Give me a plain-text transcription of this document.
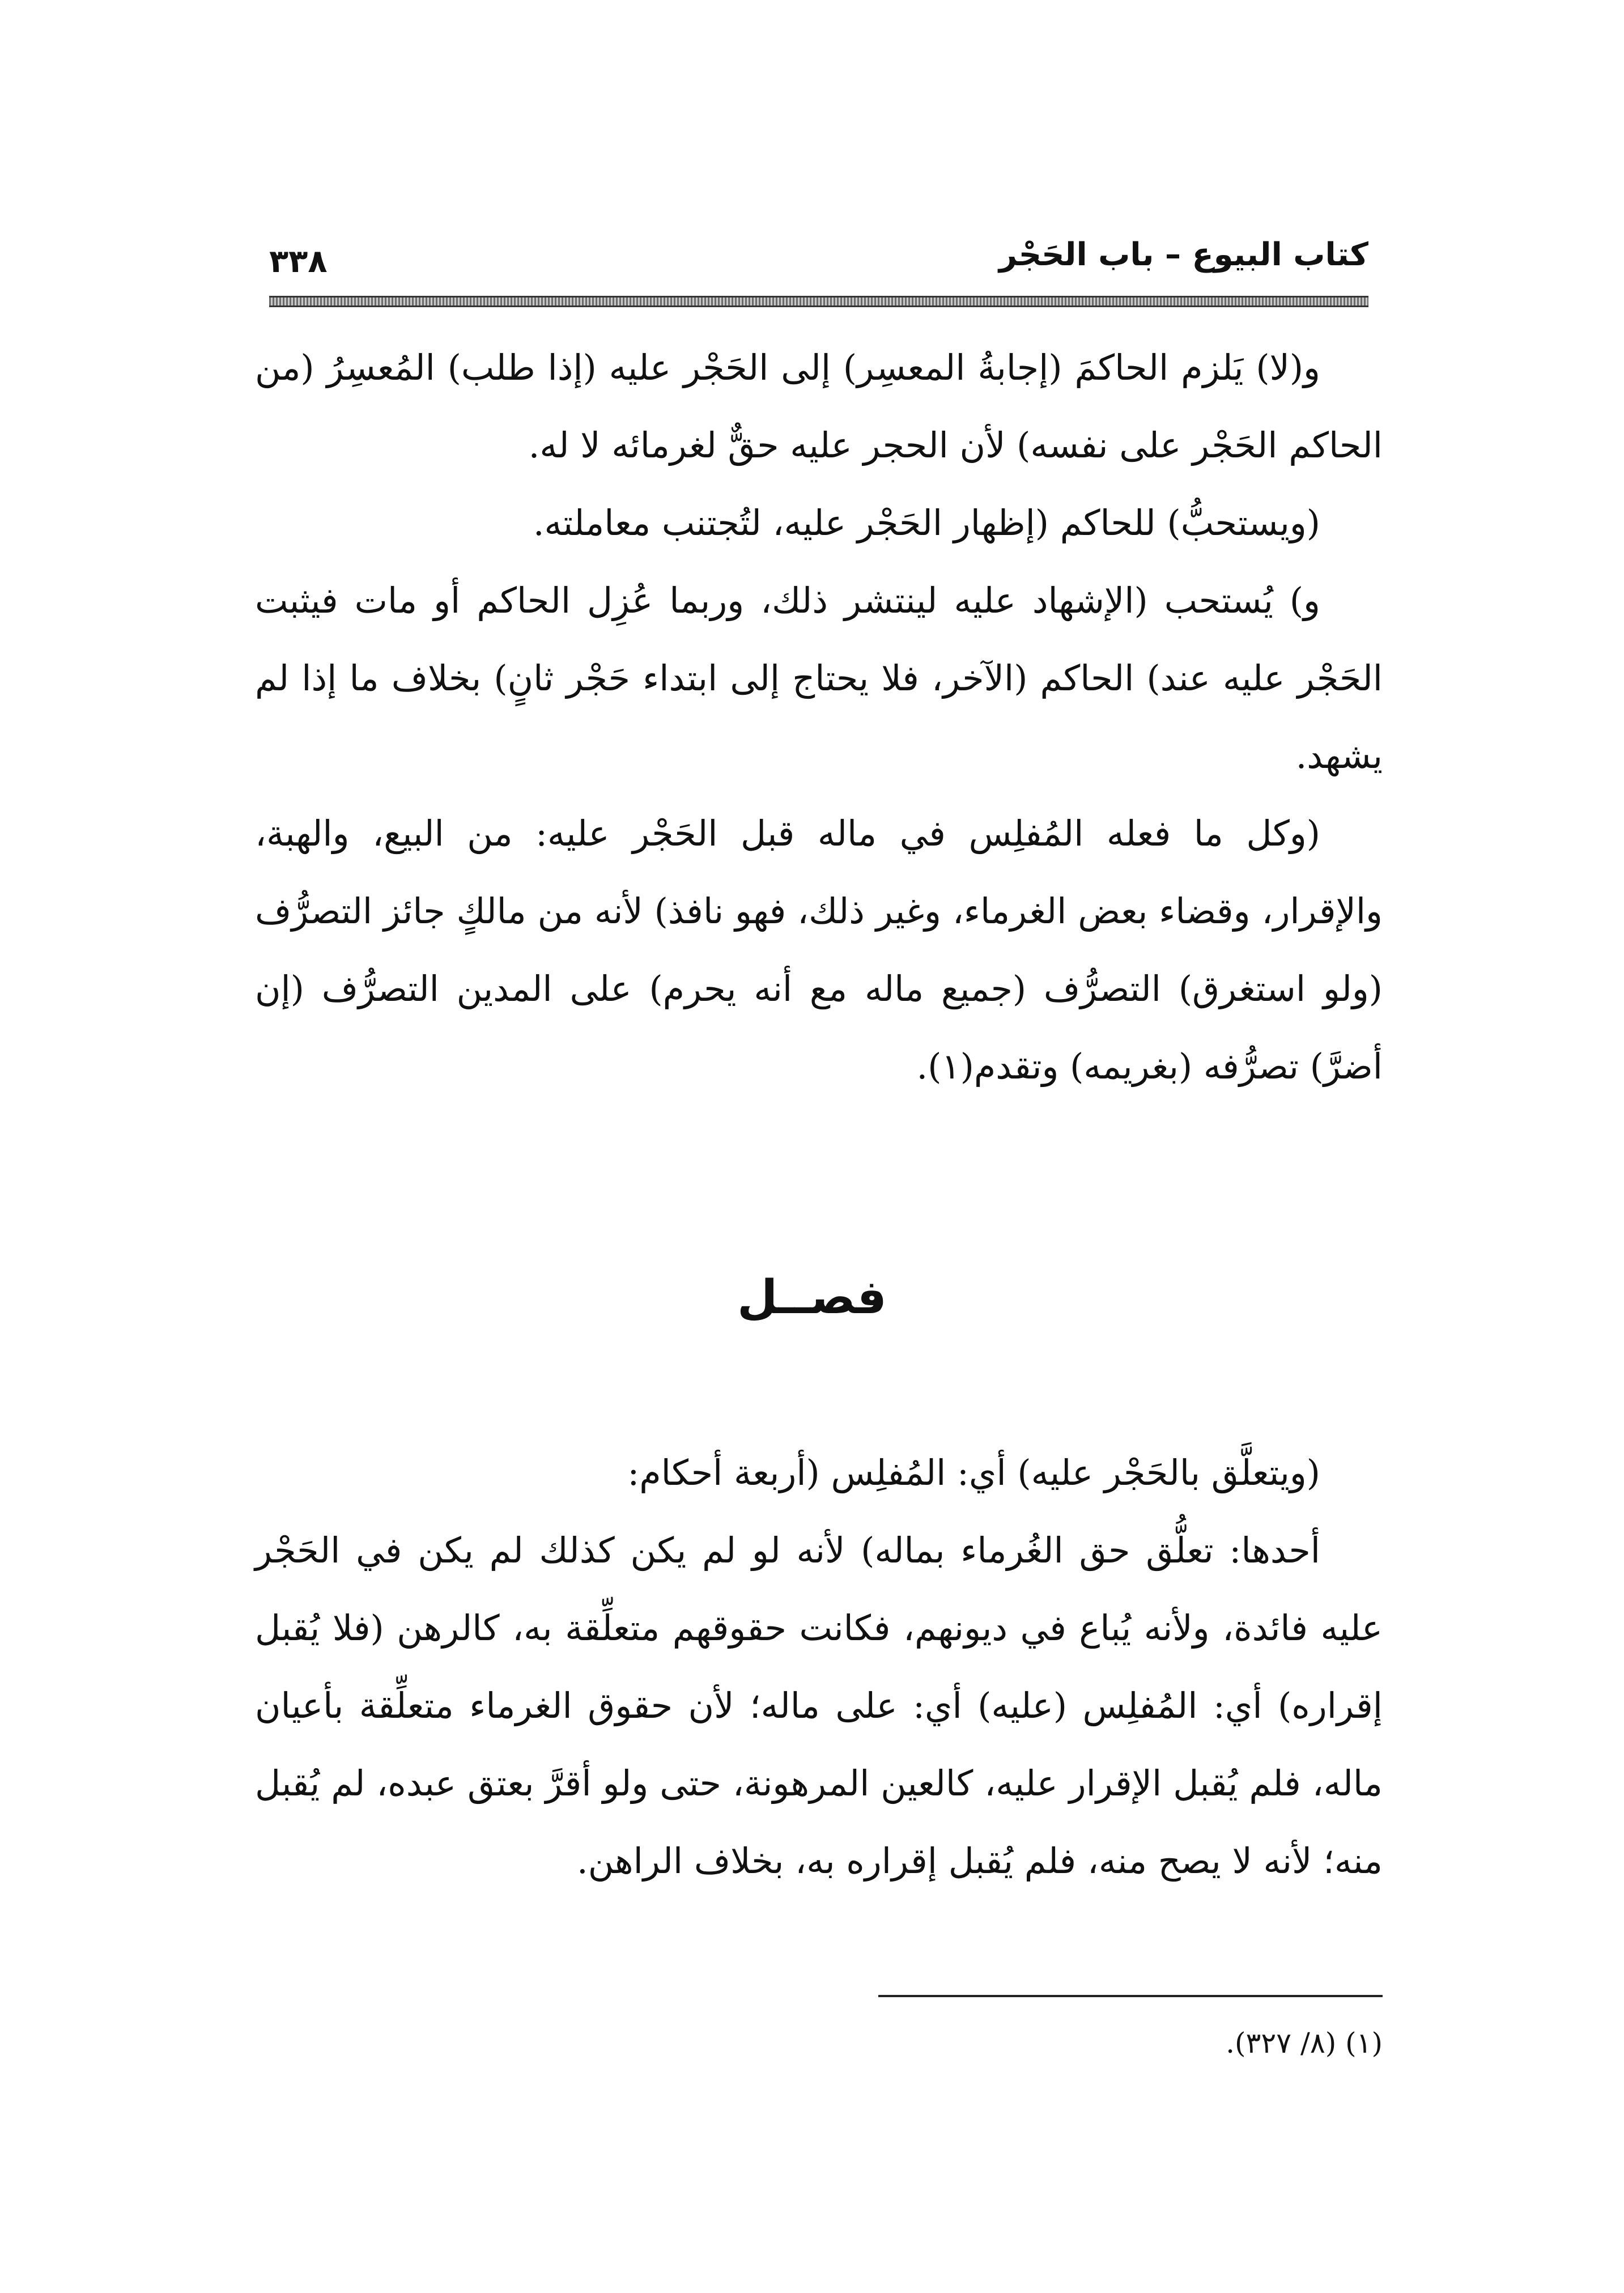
كتاب البيوع – باب الحَجْر
٣٣٨

و(لا) يَلزم الحاكمَ (إجابةُ المعسِر) إلى الحَجْر عليه (إذا طلب) المُعسِرُ (من الحاكم الحَجْر على نفسه) لأن الحجر عليه حقٌّ لغرمائه لا له.

(ويستحبُّ) للحاكم (إظهار الحَجْر عليه، لتُجتنب معاملته.

و) يُستحب (الإشهاد عليه لينتشر ذلك، وربما عُزِل الحاكم أو مات فيثبت الحَجْر عليه عند) الحاكم (الآخر، فلا يحتاج إلى ابتداء حَجْر ثانٍ) بخلاف ما إذا لم يشهد.

(وكل ما فعله المُفلِس في ماله قبل الحَجْر عليه: من البيع، والهبة، والإقرار، وقضاء بعض الغرماء، وغير ذلك، فهو نافذ) لأنه من مالكٍ جائز التصرُّف (ولو استغرق) التصرُّف (جميع ماله مع أنه يحرم) على المدين التصرُّف (إن أضرَّ) تصرُّفه (بغريمه) وتقدم(١).

فصــل

(ويتعلَّق بالحَجْر عليه) أي: المُفلِس (أربعة أحكام:

أحدها: تعلُّق حق الغُرماء بماله) لأنه لو لم يكن كذلك لم يكن في الحَجْر عليه فائدة، ولأنه يُباع في ديونهم، فكانت حقوقهم متعلِّقة به، كالرهن (فلا يُقبل إقراره) أي: المُفلِس (عليه) أي: على ماله؛ لأن حقوق الغرماء متعلِّقة بأعيان ماله، فلم يُقبل الإقرار عليه، كالعين المرهونة، حتى ولو أقرَّ بعتق عبده، لم يُقبل منه؛ لأنه لا يصح منه، فلم يُقبل إقراره به، بخلاف الراهن.

(١) (٨/ ٣٢٧).
